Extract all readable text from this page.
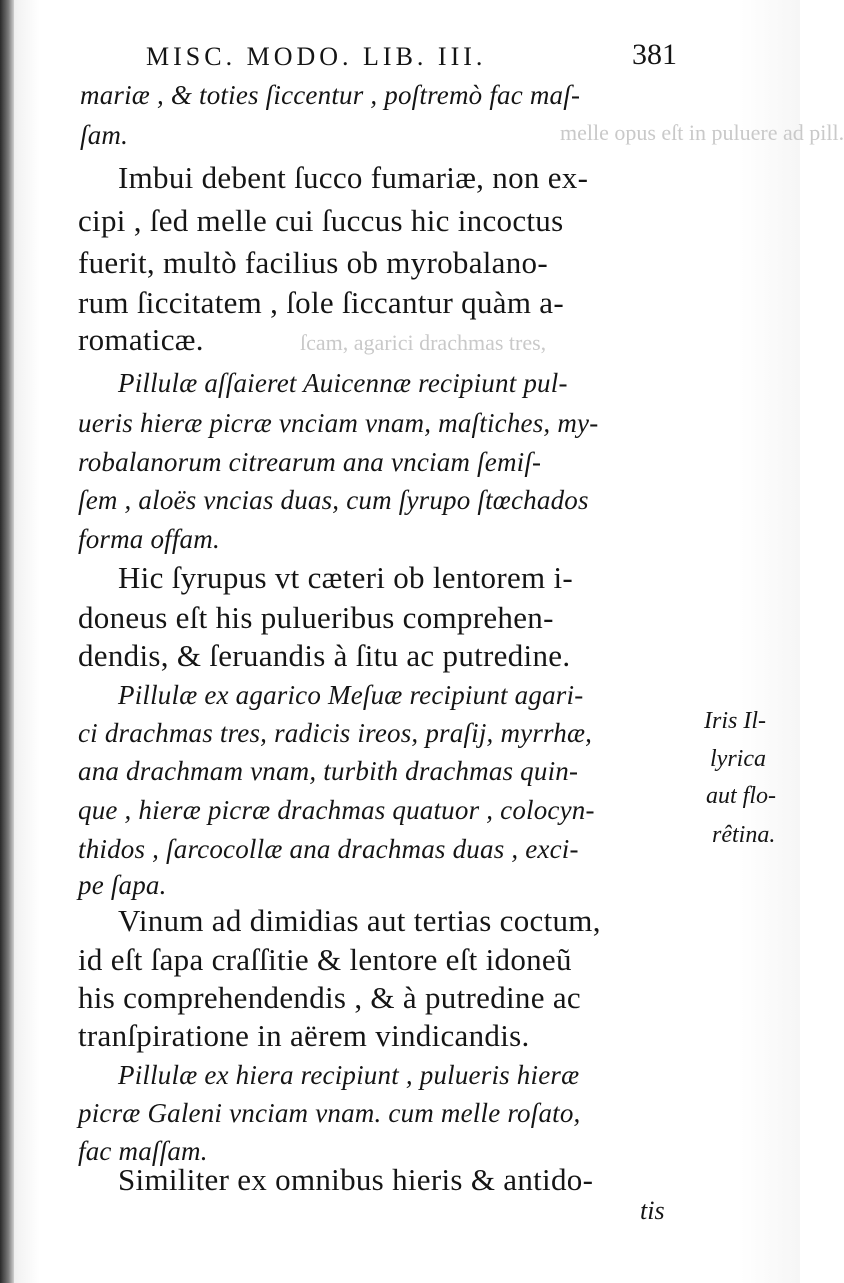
melle opus eſt in puluere ad pill.
ſcam, agarici drachmas tres,
MISC. MODO. LIB. III.	381
mariæ , & toties ſiccentur , poſtremò fac maſ-
ſam.
Imbui debent ſucco fumariæ, non ex-
cipi , ſed melle cui ſuccus hic incoctus
fuerit, multò facilius ob myrobalano-
rum ſiccitatem , ſole ſiccantur quàm a-
romaticæ.
Pillulæ aſſaieret Auicennæ recipiunt pul-
ueris hieræ picræ vnciam vnam, maſtiches, my-
robalanorum citrearum ana vnciam ſemiſ-
ſem , aloës vncias duas, cum ſyrupo ſtœchados
forma offam.
Hic ſyrupus vt cæteri ob lentorem i-
doneus eſt his pulueribus comprehen-
dendis, & ſeruandis à ſitu ac putredine.
Pillulæ ex agarico Meſuæ recipiunt agari-
ci drachmas tres, radicis ireos, praſij, myrrhæ,
ana drachmam vnam, turbith drachmas quin-
que , hieræ picræ drachmas quatuor , colocyn-
thidos , ſarcocollæ ana drachmas duas , exci-
pe ſapa.
Vinum ad dimidias aut tertias coctum,
id eſt ſapa craſſitie & lentore eſt idoneũ
his comprehendendis , & à putredine ac
tranſpiratione in aërem vindicandis.
Pillulæ ex hiera recipiunt , pulueris hieræ
picræ Galeni vnciam vnam. cum melle roſato,
fac maſſam.
Similiter ex omnibus hieris & antido-
Iris Il-
lyrica
aut flo-
rêtina.
tis
